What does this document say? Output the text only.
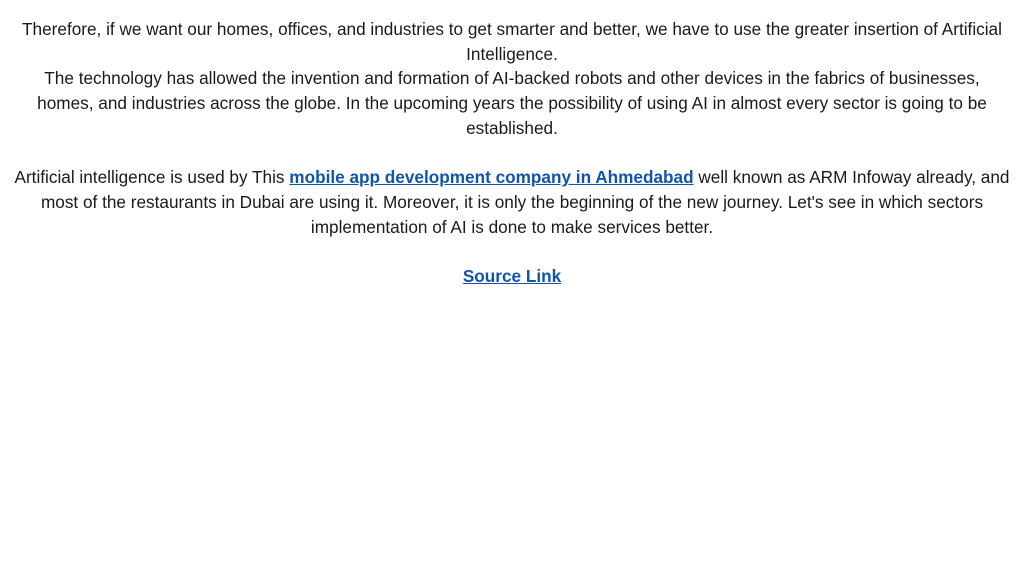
Therefore, if we want our homes, offices, and industries to get smarter and better, we have to use the greater insertion of Artificial Intelligence.

The technology has allowed the invention and formation of AI-backed robots and other devices in the fabrics of businesses, homes, and industries across the globe. In the upcoming years the possibility of using AI in almost every sector is going to be established.

Artificial intelligence is used by This mobile app development company in Ahmedabad well known as ARM Infoway already, and most of the restaurants in Dubai are using it. Moreover, it is only the beginning of the new journey. Let's see in which sectors implementation of AI is done to make services better.

Source Link
